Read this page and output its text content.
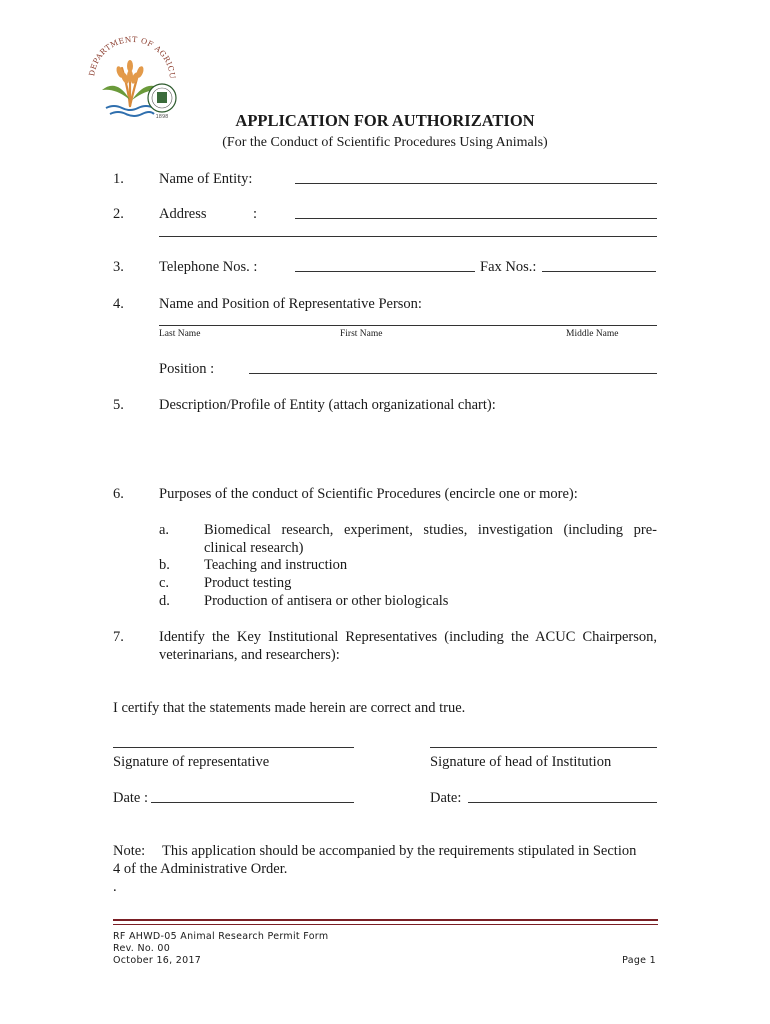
DEPARTMENT OF AGRICU
1898	APPLICATION FOR AUTHORIZATION
(For the Conduct of Scientific Procedures Using Animals)
1. Name of Entity:
2. Address	:
3. Telephone Nos. :	Fax Nos.:
4. Name and Position of Representative Person:
Last Name	First Name	Middle Name
Position :
5. Description/Profile of Entity (attach organizational chart):
6. Purposes of the conduct of Scientific Procedures (encircle one or more):
a. Biomedical research, experiment, studies, investigation (including pre-
clinical research)
b. Teaching and instruction
c. Product testing
d. Production of antisera or other biologicals
7. Identify the Key Institutional Representatives (including the ACUC Chairperson,
veterinarians, and researchers):
I certify that the statements made herein are correct and true.
Signature of representative	Signature of head of Institution
Date :	Date:
Note: This application should be accompanied by the requirements stipulated in Section
4 of the Administrative Order.
.
RF AHWD-05 Animal Research Permit Form
Rev. No. 00
October 16, 2017	Page 1
